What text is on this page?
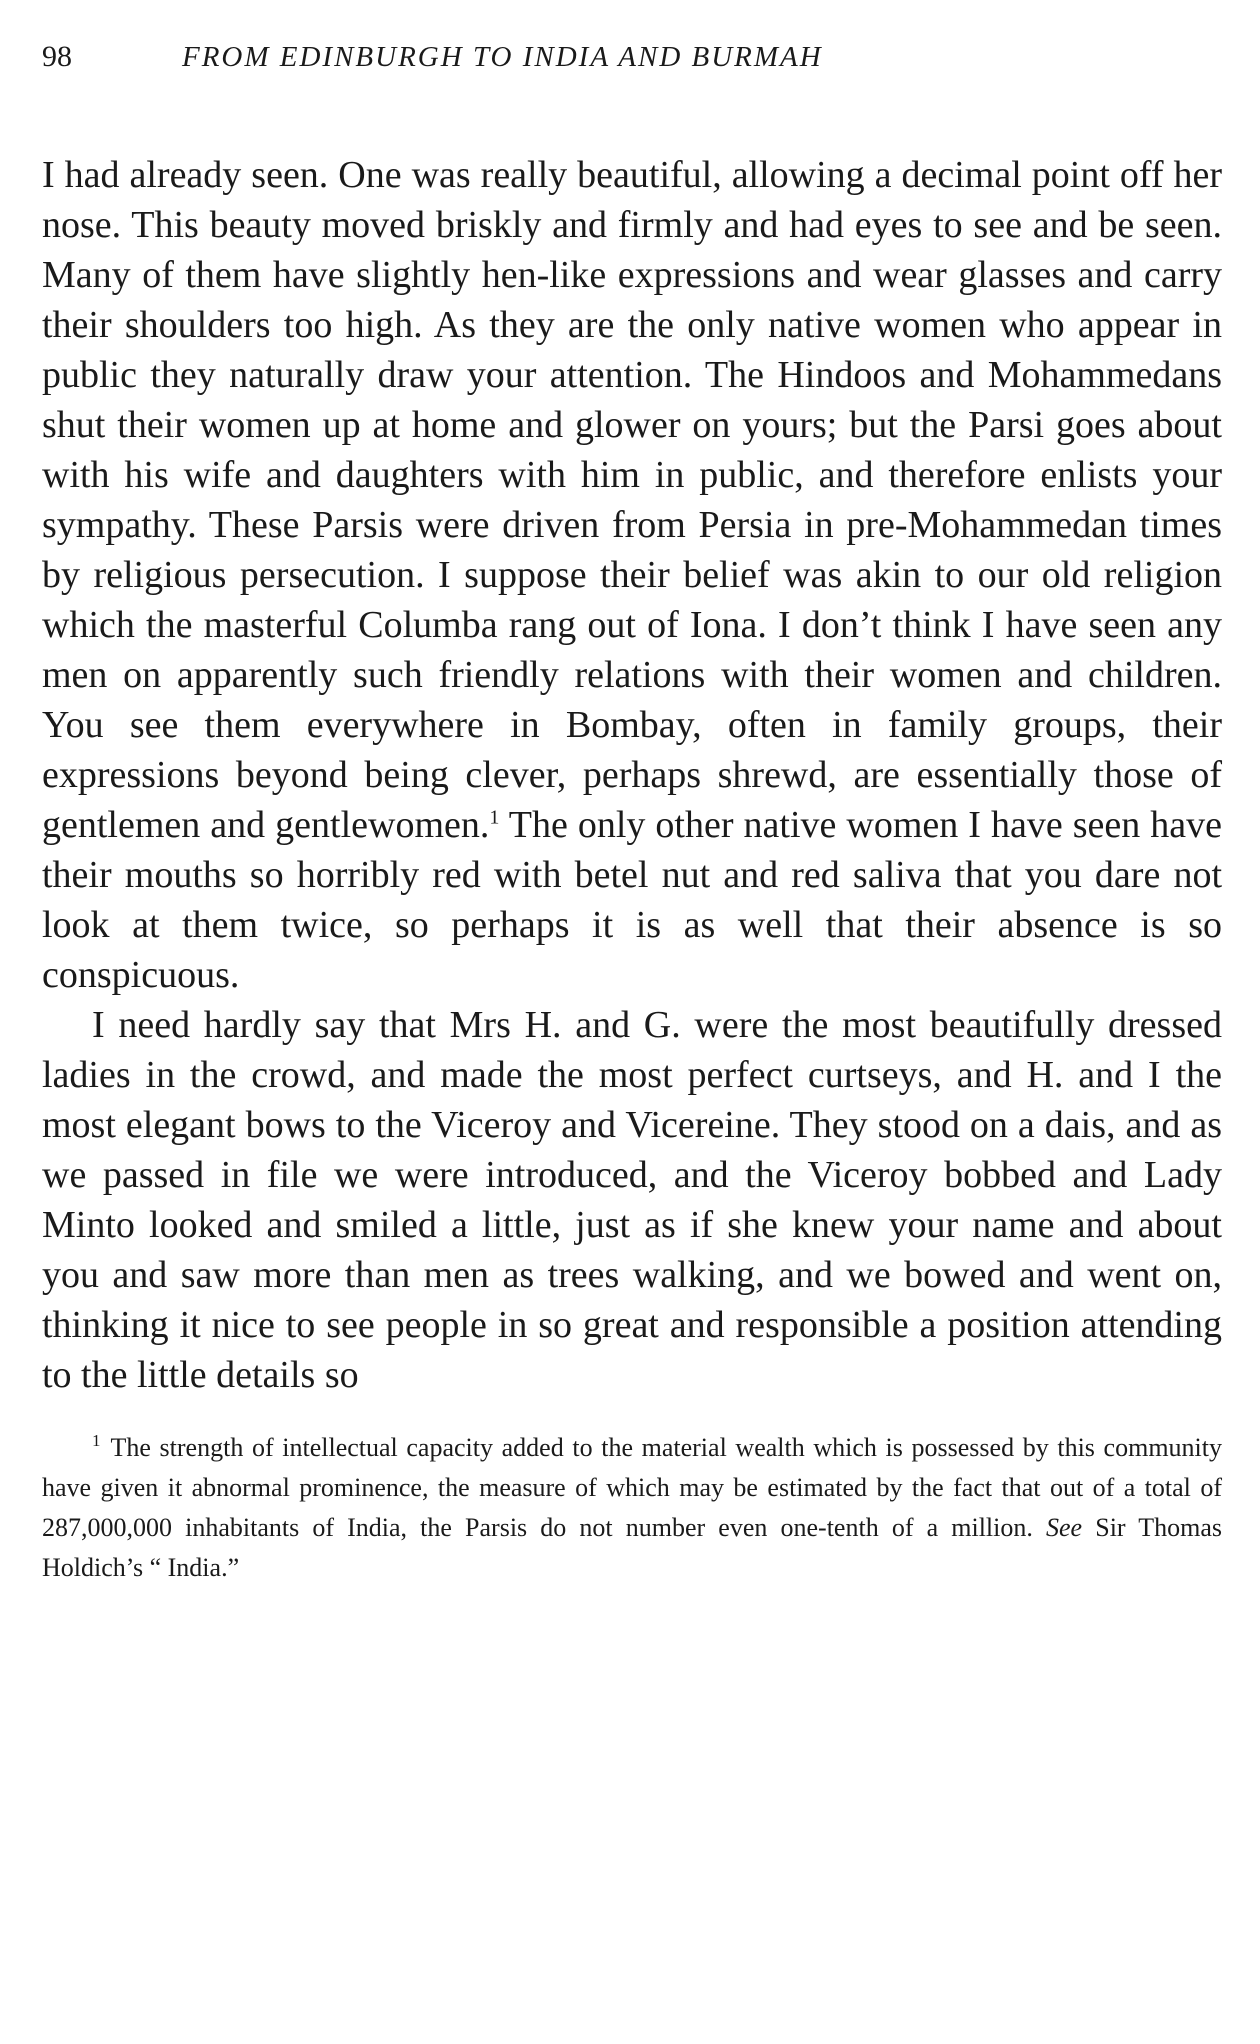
98	FROM EDINBURGH TO INDIA AND BURMAH

I had already seen. One was really beautiful, allowing a decimal point off her nose. This beauty moved briskly and firmly and had eyes to see and be seen. Many of them have slightly hen-like expressions and wear glasses and carry their shoulders too high. As they are the only native women who appear in public they naturally draw your attention. The Hindoos and Mohammedans shut their women up at home and glower on yours; but the Parsi goes about with his wife and daughters with him in public, and therefore enlists your sympathy. These Parsis were driven from Persia in pre-Mohammedan times by religious persecution. I suppose their belief was akin to our old religion which the masterful Columba rang out of Iona. I don’t think I have seen any men on apparently such friendly relations with their women and children. You see them everywhere in Bombay, often in family groups, their expressions beyond being clever, perhaps shrewd, are essentially those of gentlemen and gentlewomen.$^1$ The only other native women I have seen have their mouths so horribly red with betel nut and red saliva that you dare not look at them twice, so perhaps it is as well that their absence is so conspicuous.

I need hardly say that Mrs H. and G. were the most beautifully dressed ladies in the crowd, and made the most perfect curtseys, and H. and I the most elegant bows to the Viceroy and Vicereine. They stood on a dais, and as we passed in file we were introduced, and the Viceroy bobbed and Lady Minto looked and smiled a little, just as if she knew your name and about you and saw more than men as trees walking, and we bowed and went on, thinking it nice to see people in so great and responsible a position attending to the little details so

$^1$ The strength of intellectual capacity added to the material wealth which is possessed by this community have given it abnormal prominence, the measure of which may be estimated by the fact that out of a total of 287,000,000 inhabitants of India, the Parsis do not number even one-tenth of a million. See Sir Thomas Holdich’s “ India.”
